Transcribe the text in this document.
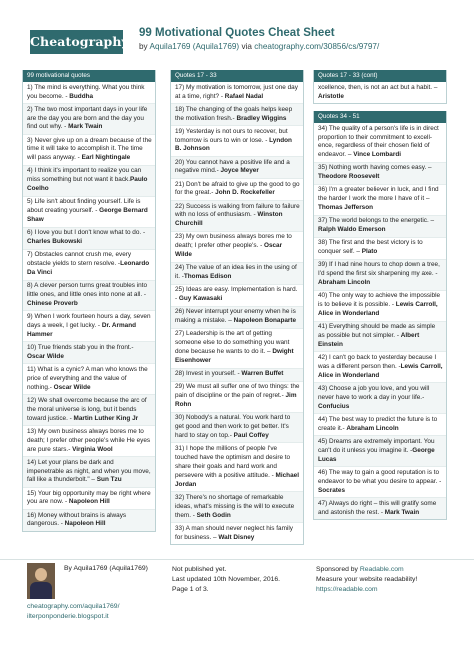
Cheatography
99 Motivational Quotes Cheat Sheet
by Aquila1769 (Aquila1769) via cheatography.com/30856/cs/9797/
99 motivational quotes
1) The mind is everything. What you think you become. - Buddha
2) The two most important days in your life are the day you are born and the day you find out why. - Mark Twain
3) Never give up on a dream because of the time it will take to accomplish it. The time will pass anyway. - Earl Nightingale
4) I think it's important to realize you can miss something but not want it back.Paulo Coelho
5) Life isn't about finding yourself. Life is about creating yourself. - George Bernard Shaw
6) I love you but I don't know what to do. - Charles Bukowski
7) Obstacles cannot crush me, every obstacle yields to stern resolve. -Leonardo Da Vinci
8) A clever person turns great troubles into little ones, and little ones into none at all. - Chinese Proverb
9) When I work fourteen hours a day, seven days a week, I get lucky. - Dr. Armand Hammer
10) True friends stab you in the front.- Oscar Wilde
11) What is a cynic? A man who knows the price of everything and the value of nothing.- Oscar Wilde
12) We shall overcome because the arc of the moral universe is long, but it bends toward justice. - Martin Luther King Jr
13) My own business always bores me to death; I prefer other people's while He eyes are pure stars.- Virginia Wool
14) Let your plans be dark and impenetrable as night, and when you move, fall like a thunderbolt." – Sun Tzu
15) Your big opportunity may be right where you are now. - Napoleon Hill
16) Money without brains is always dangerous. - Napoleon Hill
Quotes 17 - 33
17) My motivation is tomorrow, just one day at a time, right? - Rafael Nadal
18) The changing of the goals helps keep the motivation fresh.- Bradley Wiggins
19) Yesterday is not ours to recover, but tomorrow is ours to win or lose. - Lyndon B. Johnson
20) You cannot have a positive life and a negative mind.- Joyce Meyer
21) Don't be afraid to give up the good to go for the great.- John D. Rockefeller
22) Success is walking from failure to failure with no loss of enthusiasm. - Winston Churchill
23) My own business always bores me to death; I prefer other people's. - Oscar Wilde
24) The value of an idea lies in the using of it. -Thomas Edison
25) Ideas are easy. Implementation is hard. - Guy Kawasaki
26) Never interrupt your enemy when he is making a mistake. – Napoleon Bonaparte
27) Leadership is the art of getting someone else to do something you want done because he wants to do it. – Dwight Eisenhower
28) Invest in yourself. - Warren Buffet
29) We must all suffer one of two things: the pain of discipline or the pain of regret.- Jim Rohn
30) Nobody's a natural. You work hard to get good and then work to get better. It's hard to stay on top.- Paul Coffey
31) I hope the millions of people I've touched have the optimism and desire to share their goals and hard work and persevere with a positive attitude. - Michael Jordan
32) There's no shortage of remarkable ideas, what's missing is the will to execute them. - Seth Godin
33) A man should never neglect his family for business. – Walt Disney
Quotes 17 - 33 (cont)
xcellence, then, is not an act but a habit. – Aristotle
Quotes 34 - 51
34) The quality of a person's life is in direct proportion to their commitment to excell-ence, regardless of their chosen field of endeavor. – Vince Lombardi
35) Nothing worth having comes easy. – Theodore Roosevelt
36) I'm a greater believer in luck, and I find the harder I work the more I have of it – Thomas Jefferson
37) The world belongs to the energetic. – Ralph Waldo Emerson
38) The first and the best victory is to conquer self. – Plato
39) If I had nine hours to chop down a tree, I'd spend the first six sharpening my axe. - Abraham Lincoln
40) The only way to achieve the impossible is to believe it is possible. - Lewis Carroll, Alice in Wonderland
41) Everything should be made as simple as possible but not simpler. - Albert Einstein
42) I can't go back to yesterday because I was a different person then. -Lewis Carroll, Alice in Wonderland
43) Choose a job you love, and you will never have to work a day in your life.- Confucius
44) The best way to predict the future is to create it.- Abraham Lincoln
45) Dreams are extremely important. You can't do it unless you imagine it. -George Lucas
46) The way to gain a good reputation is to endeavor to be what you desire to appear. - Socrates
47) Always do right – this will gratify some and astonish the rest. - Mark Twain
By Aquila1769 (Aquila1769)
cheatography.com/aquila1769/
ilterponponderie.blogspot.it
Not published yet.
Last updated 10th November, 2016.
Page 1 of 3.
Sponsored by Readable.com
Measure your website readability!
https://readable.com
